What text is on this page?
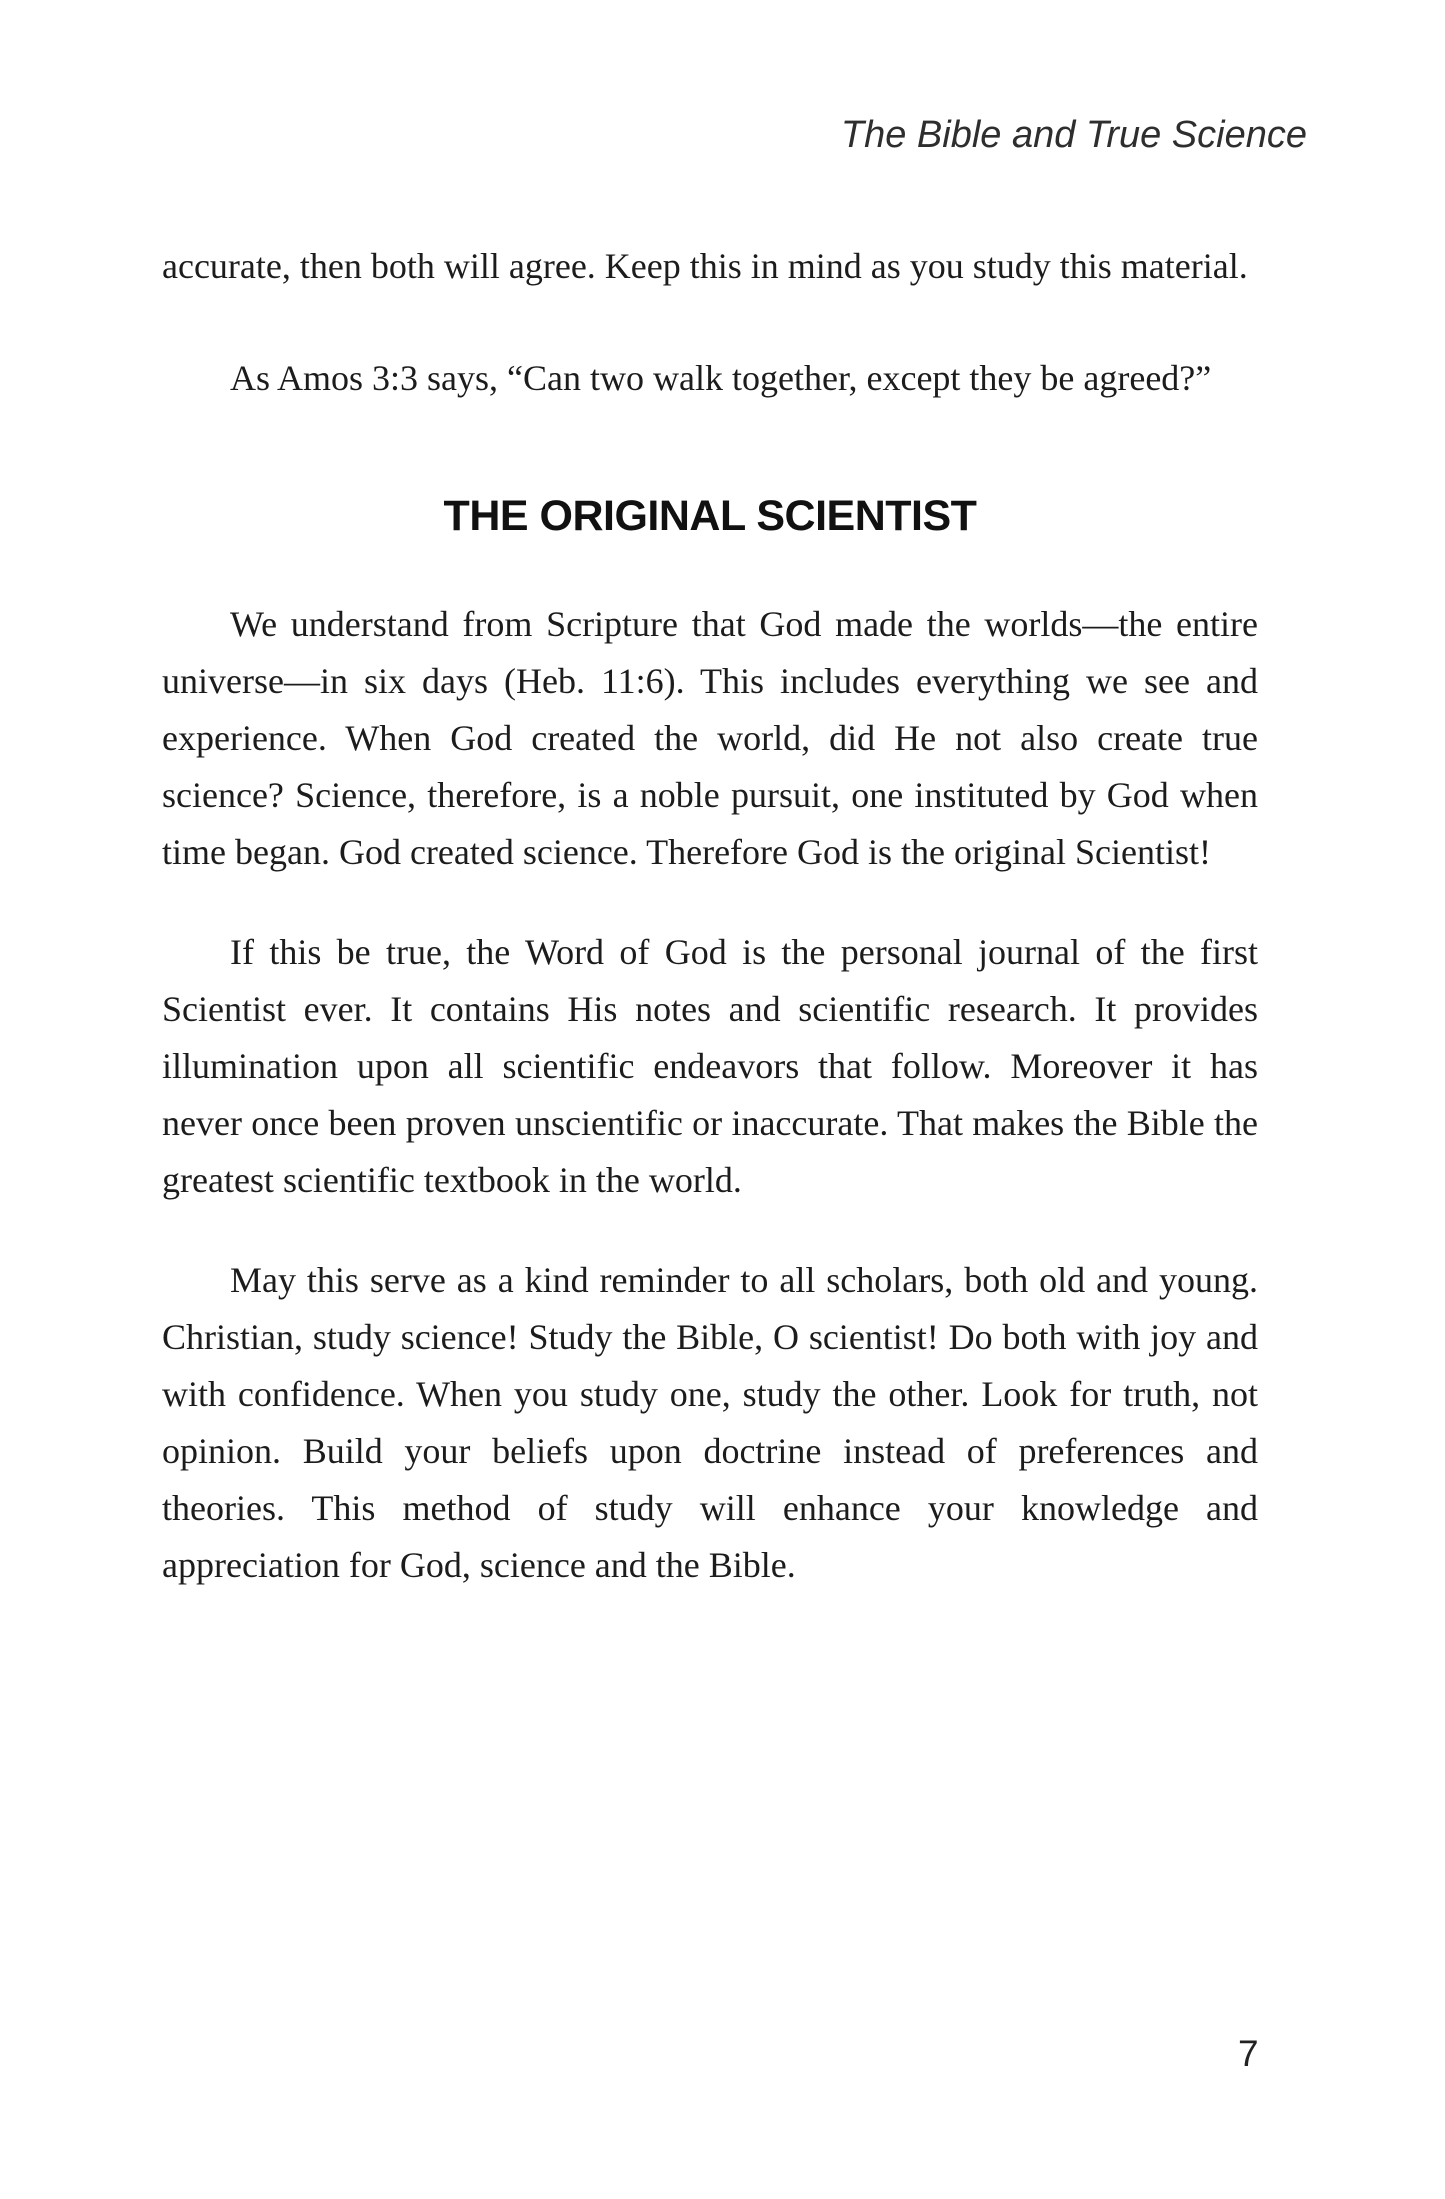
The Bible and True Science

accurate, then both will agree. Keep this in mind as you study this material.

As Amos 3:3 says, “Can two walk together, except they be agreed?”

THE ORIGINAL SCIENTIST

We understand from Scripture that God made the worlds—the entire universe—in six days (Heb. 11:6). This includes everything we see and experience. When God created the world, did He not also create true science? Science, therefore, is a noble pursuit, one instituted by God when time began. God created science. Therefore God is the original Scientist!

If this be true, the Word of God is the personal journal of the first Scientist ever. It contains His notes and scientific research. It provides illumination upon all scientific endeavors that follow. Moreover it has never once been proven unscientific or inaccurate. That makes the Bible the greatest scientific textbook in the world.

May this serve as a kind reminder to all scholars, both old and young. Christian, study science! Study the Bible, O scientist! Do both with joy and with confidence. When you study one, study the other. Look for truth, not opinion. Build your beliefs upon doctrine instead of preferences and theories. This method of study will enhance your knowledge and appreciation for God, science and the Bible.

7
